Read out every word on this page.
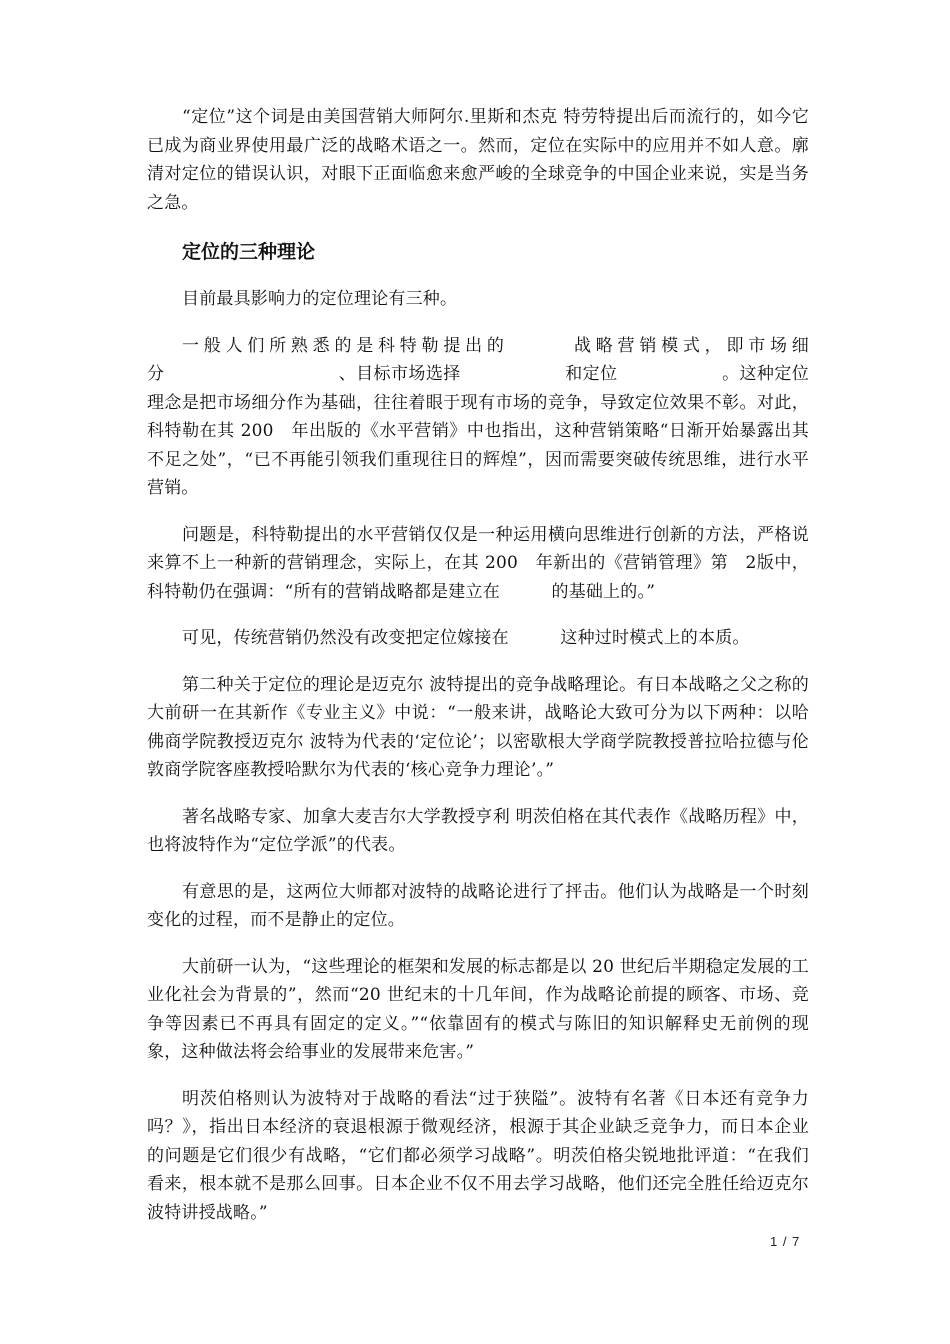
“定位”这个词是由美国营销大师阿尔.里斯和杰克 特劳特提出后而流行的，如今它已成为商业界使用最广泛的战略术语之一。然而，定位在实际中的应用并不如人意。廓清对定位的错误认识，对眼下正面临愈来愈严峻的全球竞争的中国企业来说，实是当务之急。

定位的三种理论

目前最具影响力的定位理论有三种。

一般人们所熟悉的是科特勒提出的　　　战略营销模式，即市场细分　　　　　　　　　　、目标市场选择　　　　　　和定位　　　　　　。这种定位理念是把市场细分作为基础，往往着眼于现有市场的竞争，导致定位效果不彰。对此，科特勒在其 200　年出版的《水平营销》中也指出，这种营销策略“日渐开始暴露出其不足之处”，“已不再能引领我们重现往日的辉煌”，因而需要突破传统思维，进行水平营销。

问题是，科特勒提出的水平营销仅仅是一种运用横向思维进行创新的方法，严格说来算不上一种新的营销理念，实际上，在其 200　年新出的《营销管理》第　2版中，科特勒仍在强调：“所有的营销战略都是建立在　　　的基础上的。”

可见，传统营销仍然没有改变把定位嫁接在　　　这种过时模式上的本质。

第二种关于定位的理论是迈克尔 波特提出的竞争战略理论。有日本战略之父之称的大前研一在其新作《专业主义》中说：“一般来讲，战略论大致可分为以下两种：以哈佛商学院教授迈克尔 波特为代表的‘定位论’；以密歇根大学商学院教授普拉哈拉德与伦敦商学院客座教授哈默尔为代表的‘核心竞争力理论’。”

著名战略专家、加拿大麦吉尔大学教授亨利 明茨伯格在其代表作《战略历程》中，也将波特作为“定位学派”的代表。

有意思的是，这两位大师都对波特的战略论进行了抨击。他们认为战略是一个时刻变化的过程，而不是静止的定位。

大前研一认为，“这些理论的框架和发展的标志都是以 20 世纪后半期稳定发展的工业化社会为背景的”，然而“20 世纪末的十几年间，作为战略论前提的顾客、市场、竞争等因素已不再具有固定的定义。”“依靠固有的模式与陈旧的知识解释史无前例的现象，这种做法将会给事业的发展带来危害。”

明茨伯格则认为波特对于战略的看法“过于狭隘”。波特有名著《日本还有竞争力吗？》，指出日本经济的衰退根源于微观经济，根源于其企业缺乏竞争力，而日本企业的问题是它们很少有战略，“它们都必须学习战略”。明茨伯格尖锐地批评道：“在我们看来，根本就不是那么回事。日本企业不仅不用去学习战略，他们还完全胜任给迈克尔 波特讲授战略。”

1 / 7
